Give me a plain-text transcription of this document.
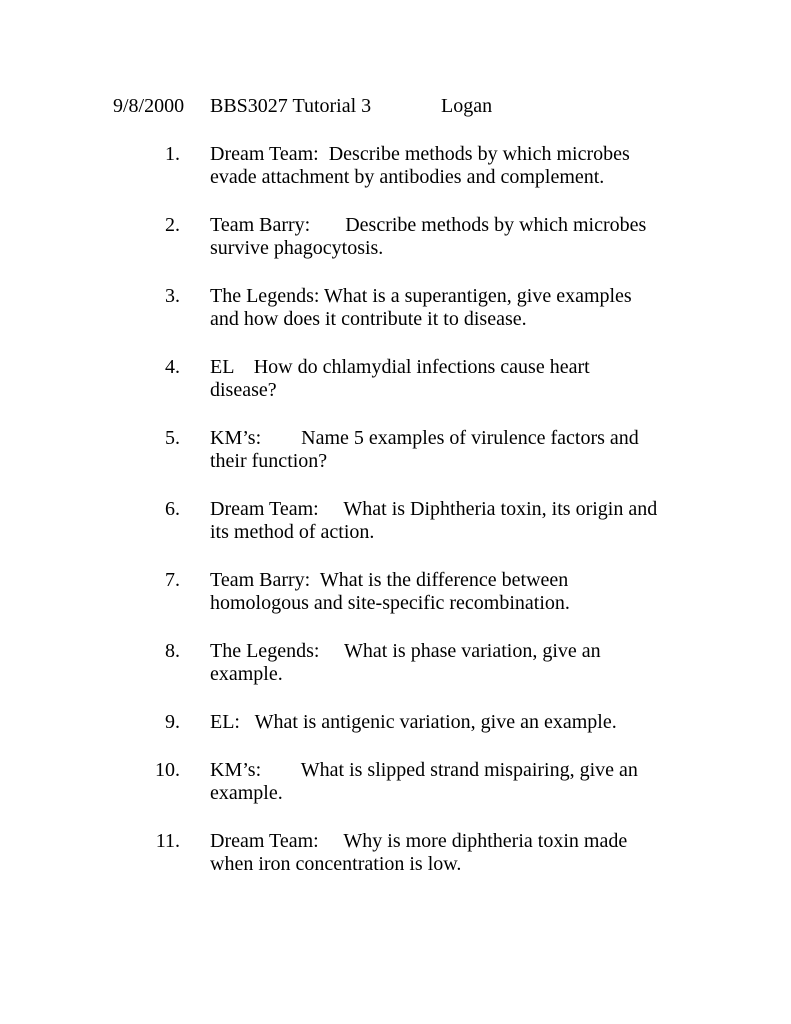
9/8/2000 BBS3027 Tutorial 3	Logan
1. Dream Team:  Describe methods by which microbes
evade attachment by antibodies and complement.
2. Team Barry:       Describe methods by which microbes
survive phagocytosis.
3. The Legends: What is a superantigen, give examples
and how does it contribute it to disease.
4. EL    How do chlamydial infections cause heart
disease?
5. KM’s:        Name 5 examples of virulence factors and
their function?
6. Dream Team:     What is Diphtheria toxin, its origin and
its method of action.
7. Team Barry:  What is the difference between
homologous and site-specific recombination.
8. The Legends:     What is phase variation, give an
example.
9. EL:   What is antigenic variation, give an example.
10. KM’s:        What is slipped strand mispairing, give an
example.
11. Dream Team:     Why is more diphtheria toxin made
when iron concentration is low.
